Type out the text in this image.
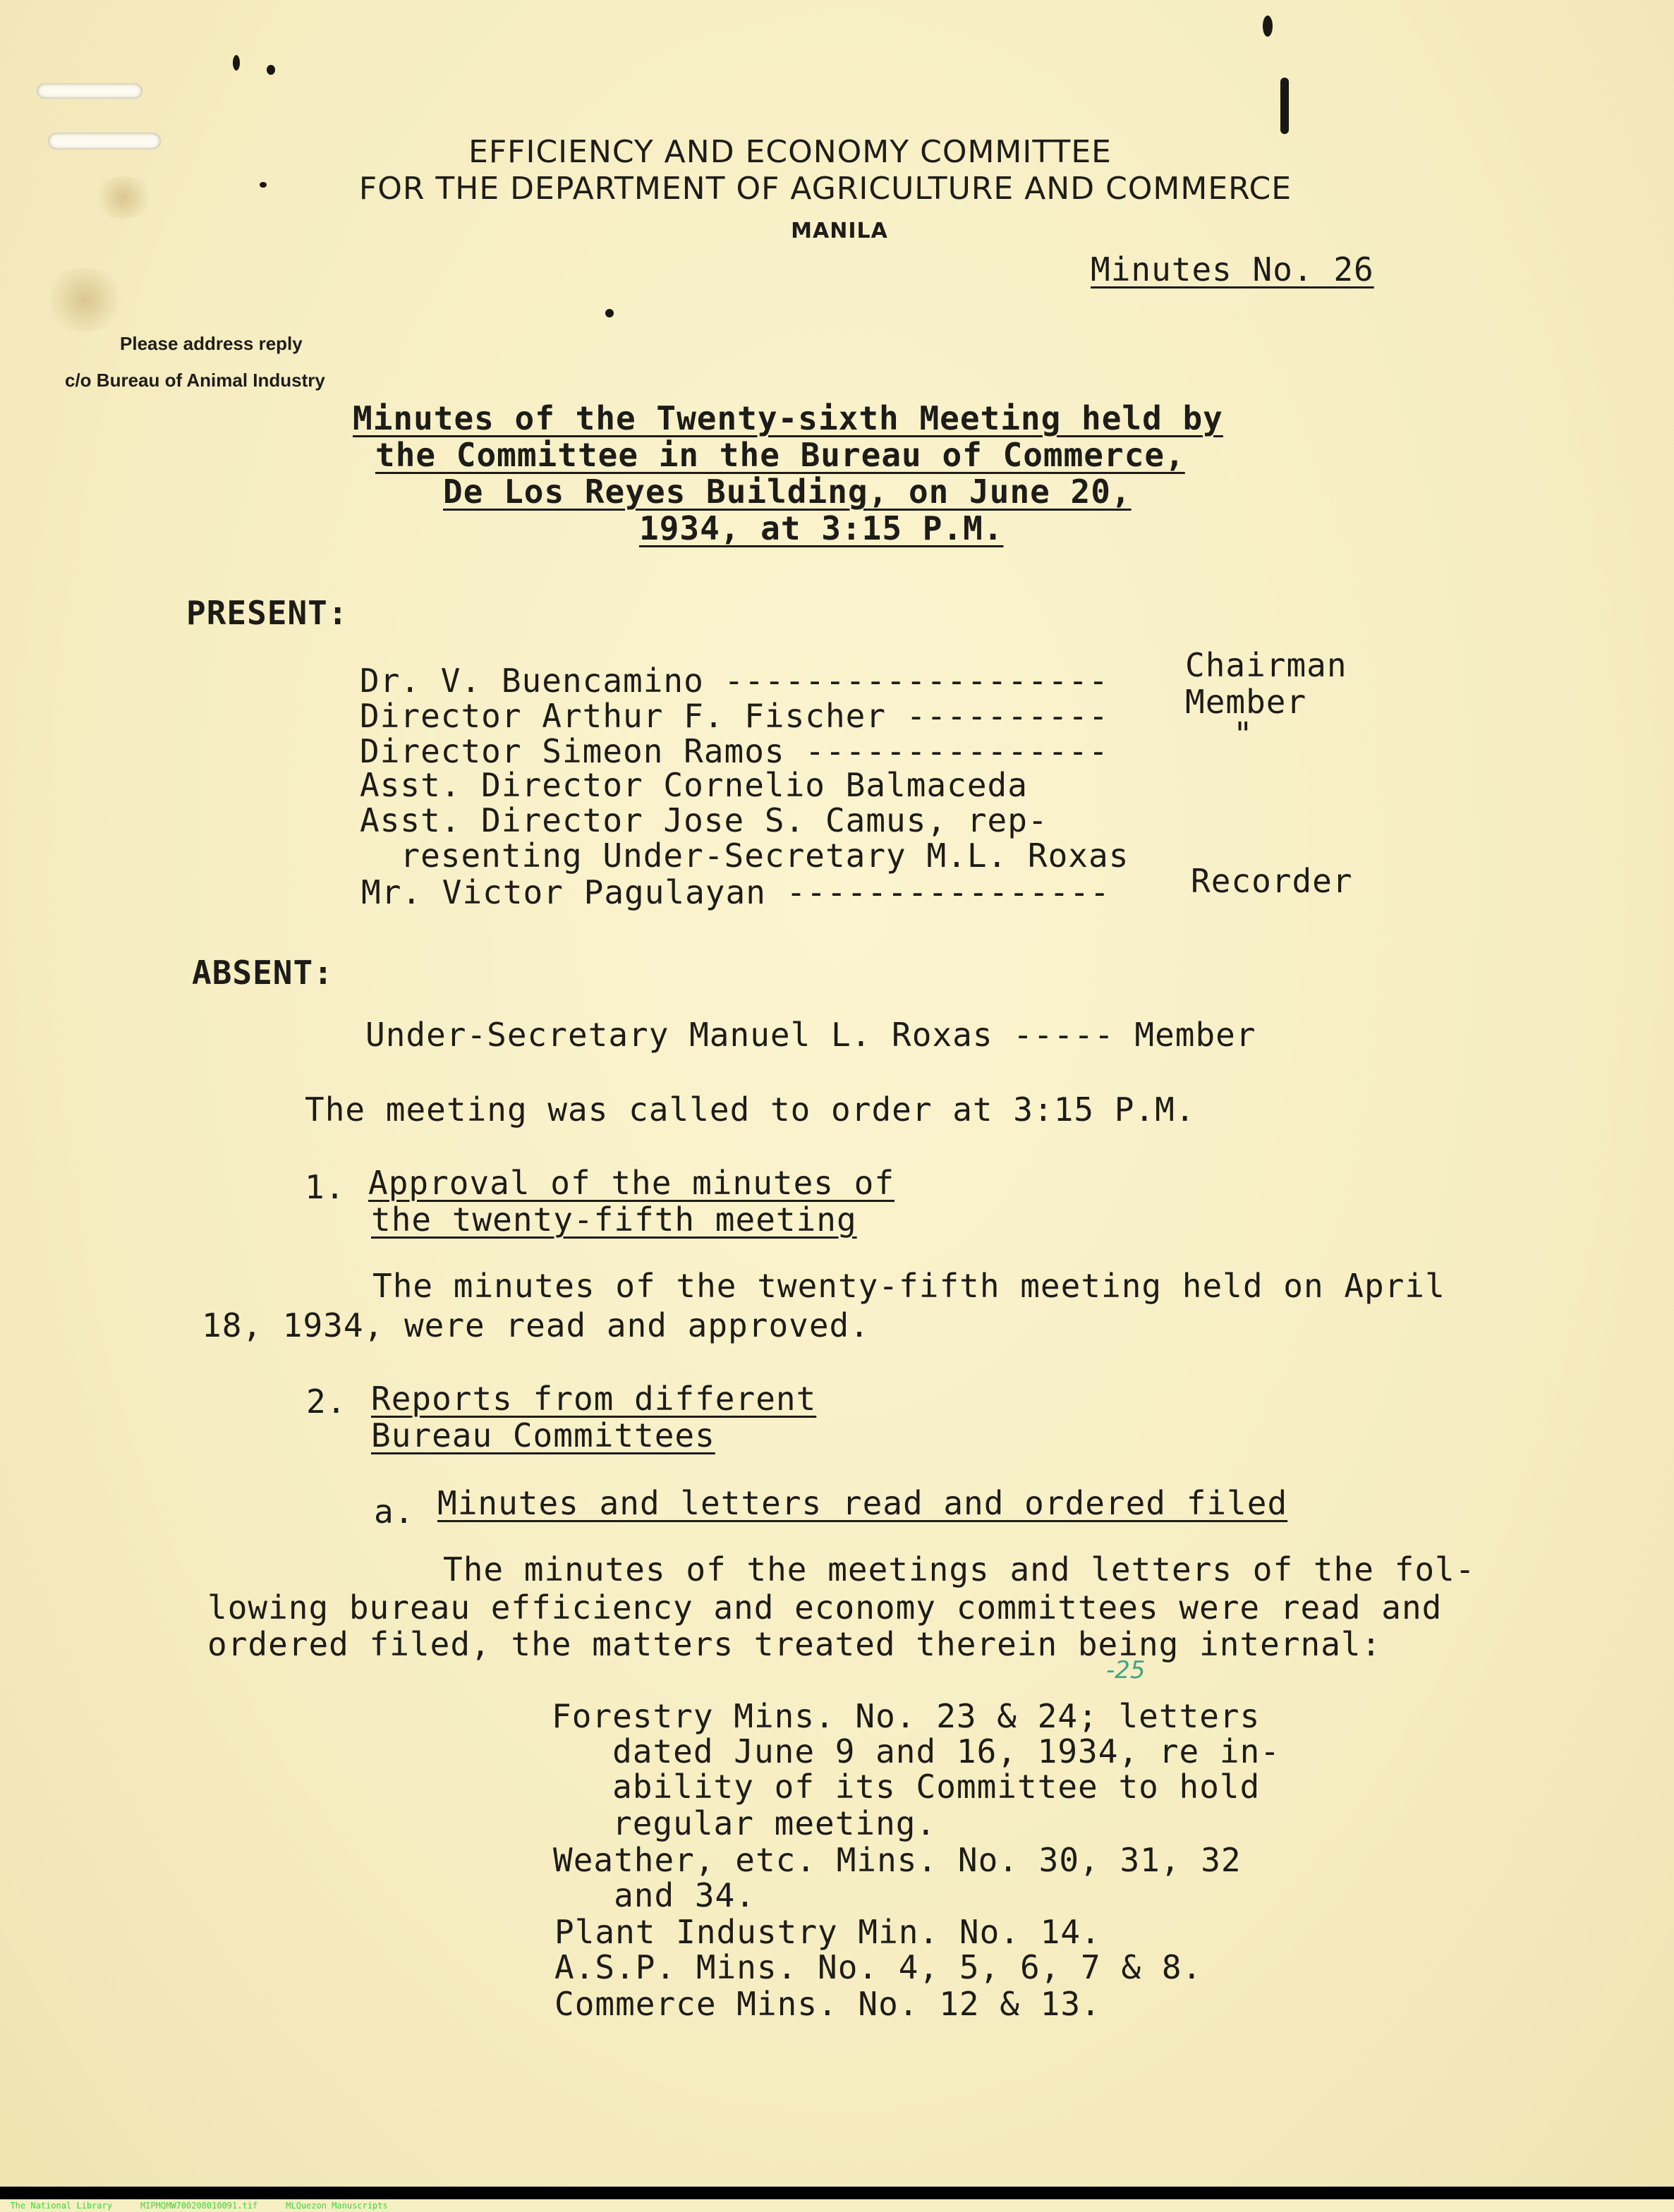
EFFICIENCY AND ECONOMY COMMITTEE
FOR THE DEPARTMENT OF AGRICULTURE AND COMMERCE
MANILA
Minutes No. 26
Please address reply
c/o Bureau of Animal Industry
Minutes of the Twenty-sixth Meeting held by
the Committee in the Bureau of Commerce,
De Los Reyes Building, on June 20,
1934, at 3:15 P.M.
PRESENT:
Dr. V. Buencamino ------------------- Chairman
Director Arthur F. Fischer ---------- Member
Director Simeon Ramos ---------------	"
Asst. Director Cornelio Balmaceda
Asst. Director Jose S. Camus, rep-
resenting Under-Secretary M.L. Roxas
Mr. Victor Pagulayan ---------------- Recorder
ABSENT:
Under-Secretary Manuel L. Roxas ----- Member
The meeting was called to order at 3:15 P.M.
1. Approval of the minutes of
the twenty-fifth meeting
The minutes of the twenty-fifth meeting held on April
18, 1934, were read and approved.
2. Reports from different
Bureau Committees
a. Minutes and letters read and ordered filed
The minutes of the meetings and letters of the fol-
lowing bureau efficiency and economy committees were read and
ordered filed, the matters treated therein being internal:
-25
Forestry Mins. No. 23 & 24; letters
dated June 9 and 16, 1934, re in-
ability of its Committee to hold
regular meeting.
Weather, etc. Mins. No. 30, 31, 32
and 34.
Plant Industry Min. No. 14.
A.S.P. Mins. No. 4, 5, 6, 7 & 8.
Commerce Mins. No. 12 & 13.

The National Library	MIPMQMW700208010091.tif	MLQuezon Manuscripts
